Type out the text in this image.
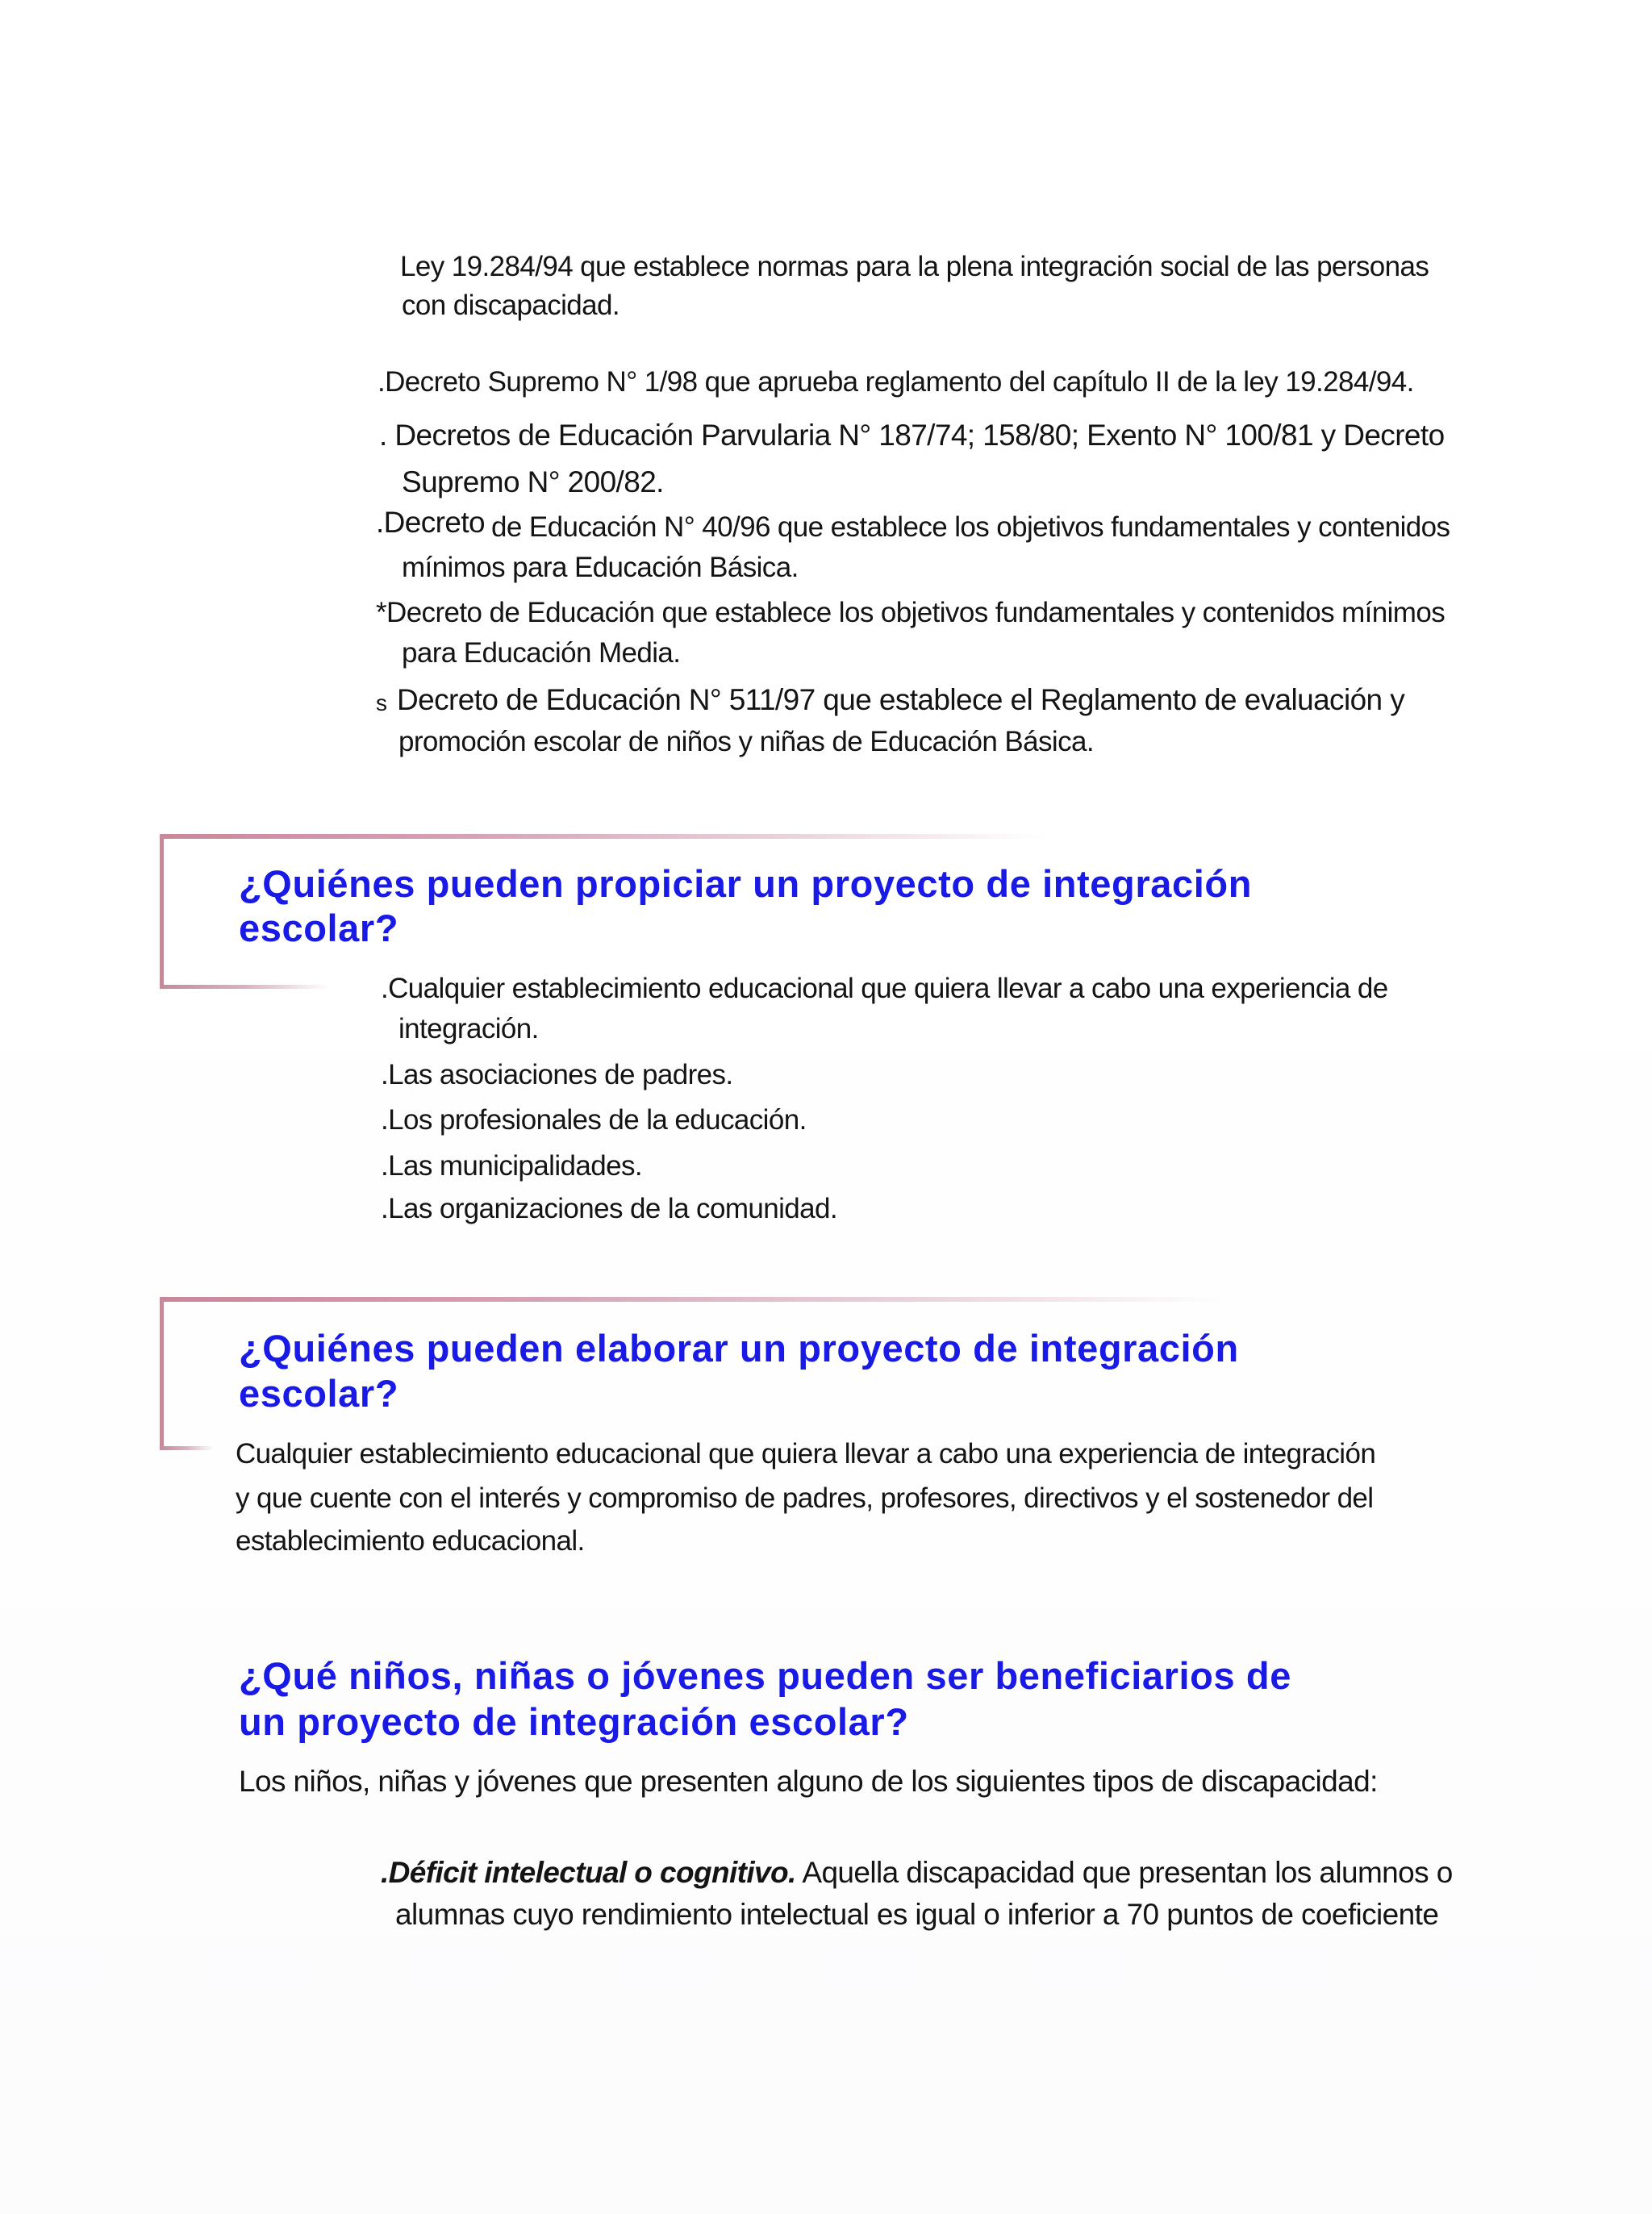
Ley 19.284/94 que establece normas para la plena integración social de las personas
con discapacidad.
.Decreto Supremo N° 1/98 que aprueba reglamento del capítulo II de la ley 19.284/94.
. Decretos de Educación Parvularia N° 187/74; 158/80; Exento N° 100/81 y Decreto
Supremo N° 200/82.
.Decreto de Educación N° 40/96 que establece los objetivos fundamentales y contenidos
mínimos para Educación Básica.
*Decreto de Educación que establece los objetivos fundamentales y contenidos mínimos
para Educación Media.
s Decreto de Educación N° 511/97 que establece el Reglamento de evaluación y
promoción escolar de niños y niñas de Educación Básica.
¿Quiénes pueden propiciar un proyecto de integración
escolar?
.Cualquier establecimiento educacional que quiera llevar a cabo una experiencia de
integración.
.Las asociaciones de padres.
.Los profesionales de la educación.
.Las municipalidades.
.Las organizaciones de la comunidad.
¿Quiénes pueden elaborar un proyecto de integración
escolar?
Cualquier establecimiento educacional que quiera llevar a cabo una experiencia de integración
y que cuente con el interés y compromiso de padres, profesores, directivos y el sostenedor del
establecimiento educacional.
¿Qué niños, niñas o jóvenes pueden ser beneficiarios de
un proyecto de integración escolar?
Los niños, niñas y jóvenes que presenten alguno de los siguientes tipos de discapacidad:
.Déficit intelectual o cognitivo. Aquella discapacidad que presentan los alumnos o
alumnas cuyo rendimiento intelectual es igual o inferior a 70 puntos de coeficiente
